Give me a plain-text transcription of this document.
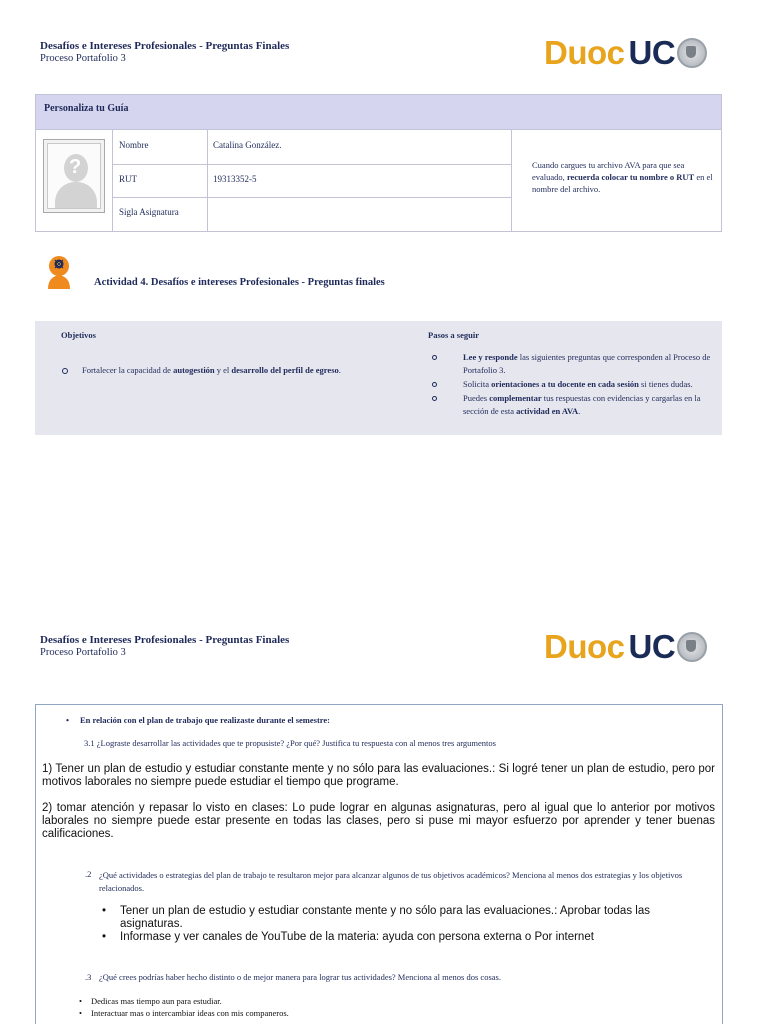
Desafíos e Intereses Profesionales - Preguntas Finales
Proceso Portafolio 3	Duoc UC
Personaliza tu Guía
?
Nombre	Catalina González.
RUT	19313352-5
Sigla Asignatura
Cuando cargues tu archivo AVA para que sea evaluado, recuerda colocar tu nombre o RUT en el nombre del archivo.
Actividad 4. Desafíos e intereses Profesionales - Preguntas finales
Objetivos
Fortalecer la capacidad de autogestión y el desarrollo del perfil de egreso.
Pasos a seguir
Lee y responde las siguientes preguntas que corresponden al Proceso de Portafolio 3.
Solicita orientaciones a tu docente en cada sesión si tienes dudas.
Puedes complementar tus respuestas con evidencias y cargarlas en la sección de esta actividad en AVA.
Desafíos e Intereses Profesionales - Preguntas Finales
Proceso Portafolio 3	Duoc UC
• En relación con el plan de trabajo que realizaste durante el semestre:
3.1 ¿Lograste desarrollar las actividades que te propusiste? ¿Por qué? Justifica tu respuesta con al menos tres argumentos
1) Tener un plan de estudio y estudiar constante mente y no sólo para las evaluaciones.: Si logré tener un plan de estudio, pero por motivos laborales no siempre puede estudiar el tiempo que programe.
2) tomar atención y repasar lo visto en clases: Lo pude lograr en algunas asignaturas, pero al igual que lo anterior por motivos laborales no siempre puede estar presente en todas las clases, pero si puse mi mayor esfuerzo por aprender y tener buenas calificaciones.
.2 ¿Qué actividades o estrategias del plan de trabajo te resultaron mejor para alcanzar algunos de tus objetivos académicos? Menciona al menos dos estrategias y los objetivos relacionados.
• Tener un plan de estudio y estudiar constante mente y no sólo para las evaluaciones.: Aprobar todas las asignaturas.
• Informase y ver canales de YouTube de la materia: ayuda con persona externa o Por internet
.3 ¿Qué crees podrías haber hecho distinto o de mejor manera para lograr tus actividades? Menciona al menos dos cosas.
• Dedicas mas tiempo aun para estudiar.
• Interactuar mas o intercambiar ideas con mis companeros.
